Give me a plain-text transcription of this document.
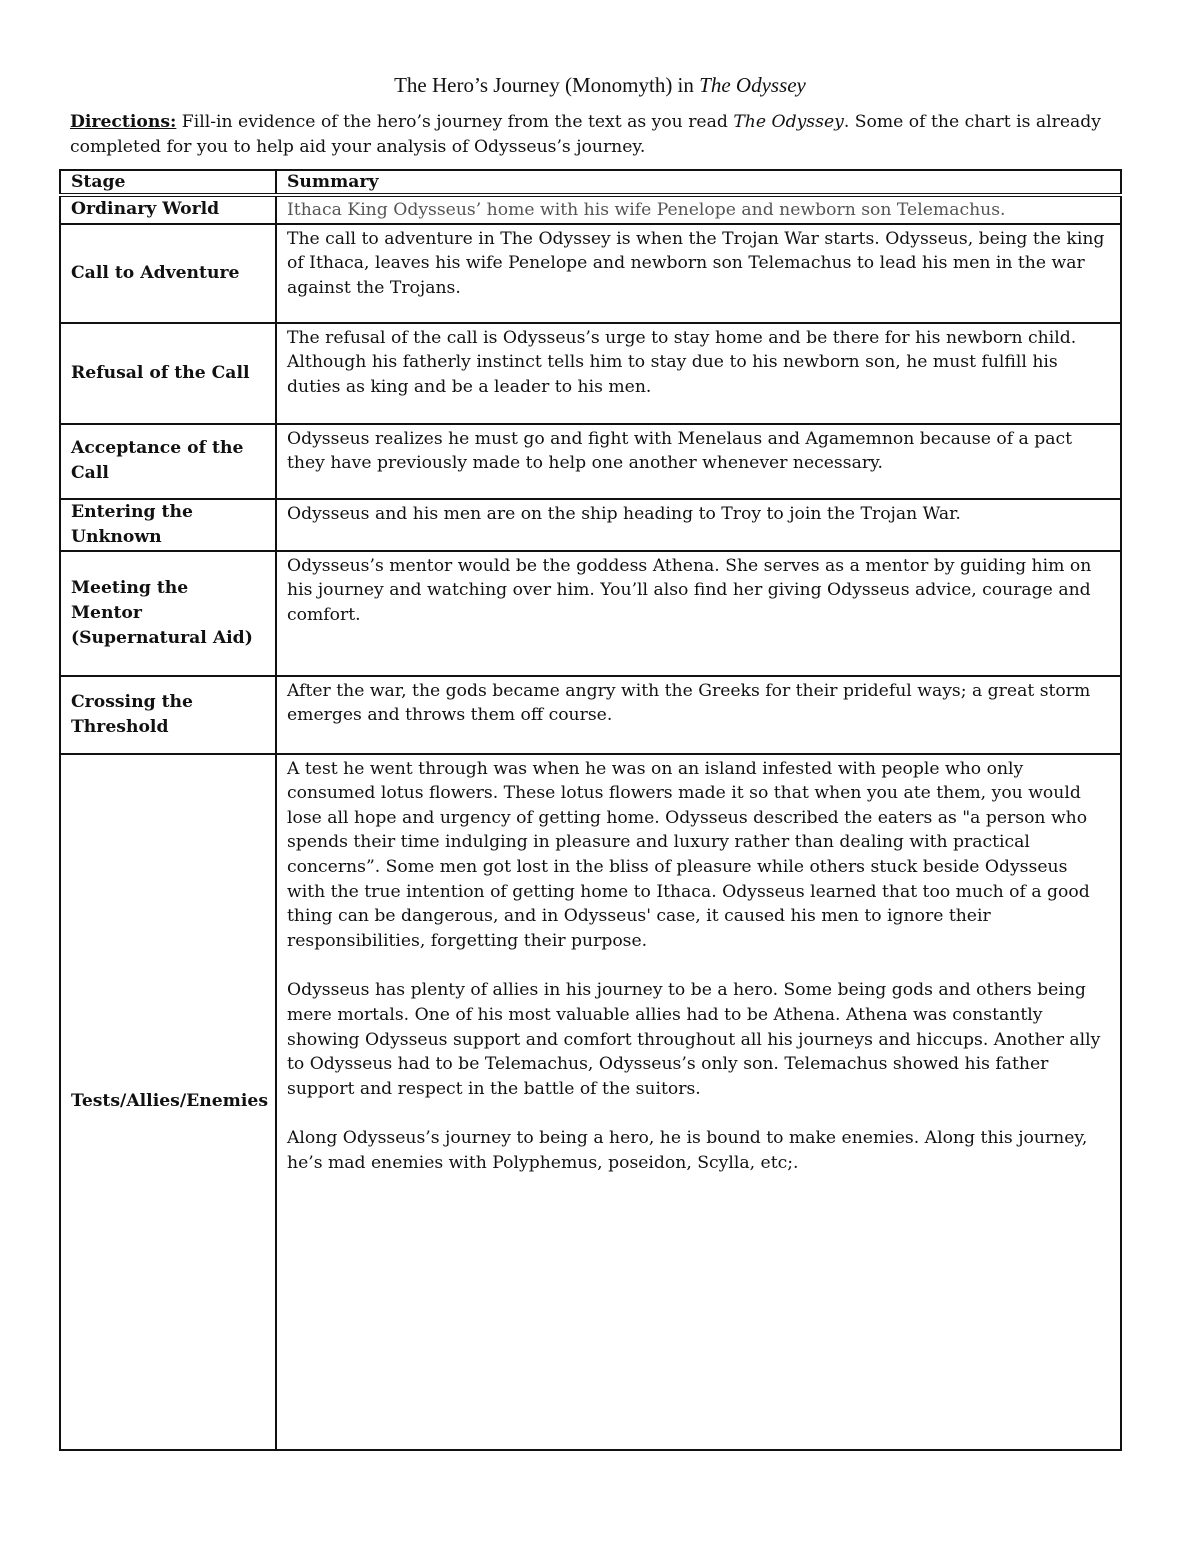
The Hero’s Journey (Monomyth) in The Odyssey

Directions: Fill-in evidence of the hero’s journey from the text as you read The Odyssey. Some of the chart is already completed for you to help aid your analysis of Odysseus’s journey.

Stage	Summary
Ordinary World	Ithaca King Odysseus’ home with his wife Penelope and newborn son Telemachus.

Call to Adventure	The call to adventure in The Odyssey is when the Trojan War starts. Odysseus, being the king of Ithaca, leaves his wife Penelope and newborn son Telemachus to lead his men in the war against the Trojans.

Refusal of the Call	The refusal of the call is Odysseus’s urge to stay home and be there for his newborn child. Although his fatherly instinct tells him to stay due to his newborn son, he must fulfill his duties as king and be a leader to his men.

Acceptance of the Call	Odysseus realizes he must go and fight with Menelaus and Agamemnon because of a pact they have previously made to help one another whenever necessary.

Entering the Unknown	Odysseus and his men are on the ship heading to Troy to join the Trojan War.

Meeting the Mentor (Supernatural Aid)	Odysseus’s mentor would be the goddess Athena. She serves as a mentor by guiding him on his journey and watching over him. You’ll also find her giving Odysseus advice, courage and comfort.

Crossing the Threshold	After the war, the gods became angry with the Greeks for their prideful ways; a great storm emerges and throws them off course.

Tests/Allies/Enemies	A test he went through was when he was on an island infested with people who only consumed lotus flowers. These lotus flowers made it so that when you ate them, you would lose all hope and urgency of getting home. Odysseus described the eaters as "a person who spends their time indulging in pleasure and luxury rather than dealing with practical concerns”. Some men got lost in the bliss of pleasure while others stuck beside Odysseus with the true intention of getting home to Ithaca. Odysseus learned that too much of a good thing can be dangerous, and in Odysseus' case, it caused his men to ignore their responsibilities, forgetting their purpose.

Odysseus has plenty of allies in his journey to be a hero. Some being gods and others being mere mortals. One of his most valuable allies had to be Athena. Athena was constantly showing Odysseus support and comfort throughout all his journeys and hiccups. Another ally to Odysseus had to be Telemachus, Odysseus’s only son. Telemachus showed his father support and respect in the battle of the suitors.

Along Odysseus’s journey to being a hero, he is bound to make enemies. Along this journey, he’s mad enemies with Polyphemus, poseidon, Scylla, etc;.
